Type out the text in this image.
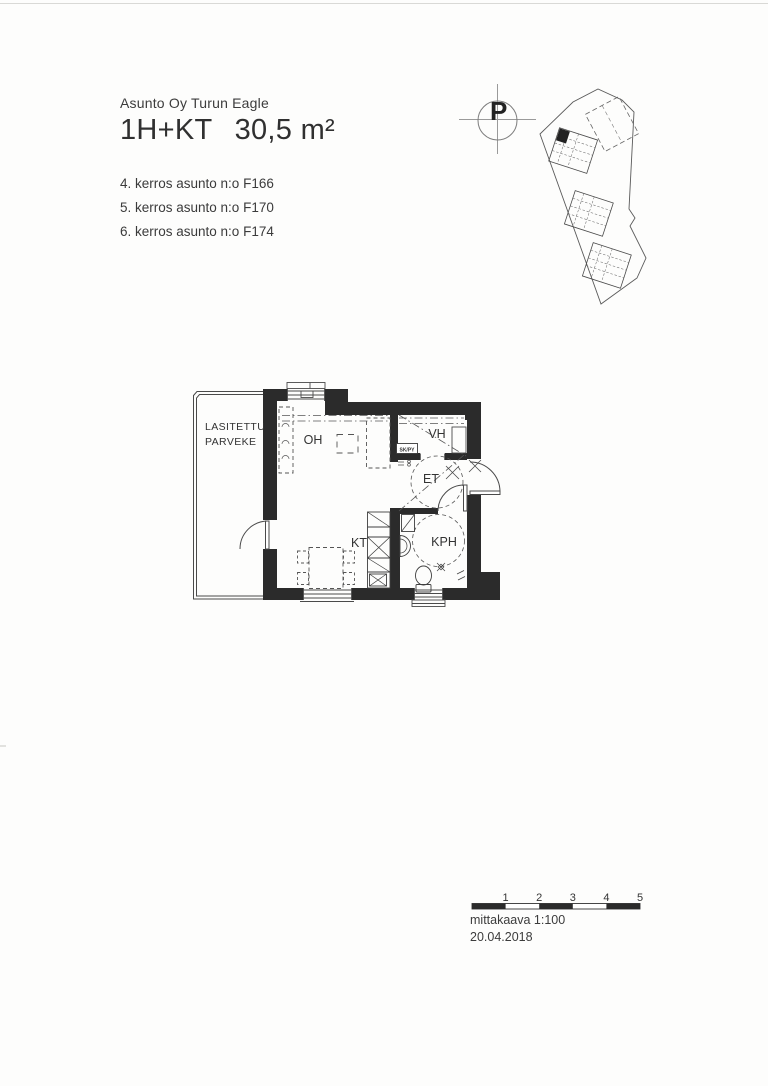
Asunto Oy Turun Eagle
1H+KT 30,5 m²
4. kerros asunto n:o F166
5. kerros asunto n:o F170
6. kerros asunto n:o F174
P
LASITETTU
PARVEKE	OH	VH
SK/PY
ET
KT	KPH
1 2 3 4 5
mittakaava 1:100
20.04.2018
